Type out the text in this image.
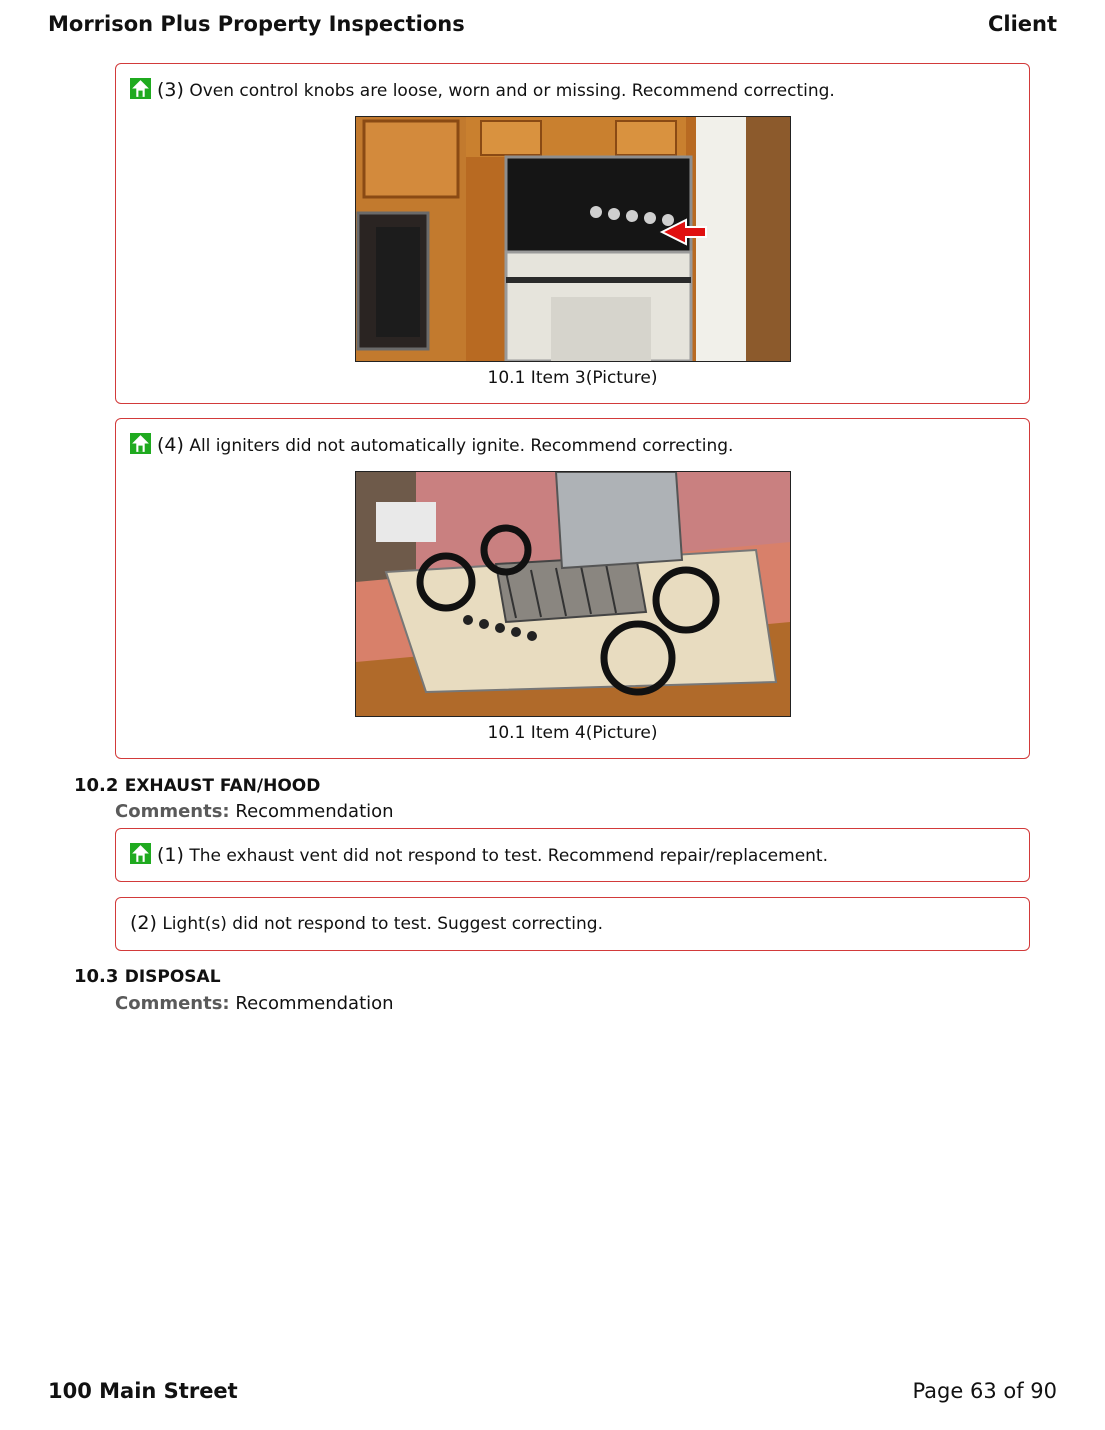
Morrison Plus Property Inspections	Client
(3) Oven control knobs are loose, worn and or missing. Recommend correcting.
10.1 Item 3(Picture)
(4) All igniters did not automatically ignite. Recommend correcting.
10.1 Item 4(Picture)
10.2 EXHAUST FAN/HOOD
Comments: Recommendation
(1) The exhaust vent did not respond to test. Recommend repair/replacement.
(2) Light(s) did not respond to test. Suggest correcting.
10.3 DISPOSAL
Comments: Recommendation
100 Main Street	Page 63 of 90
